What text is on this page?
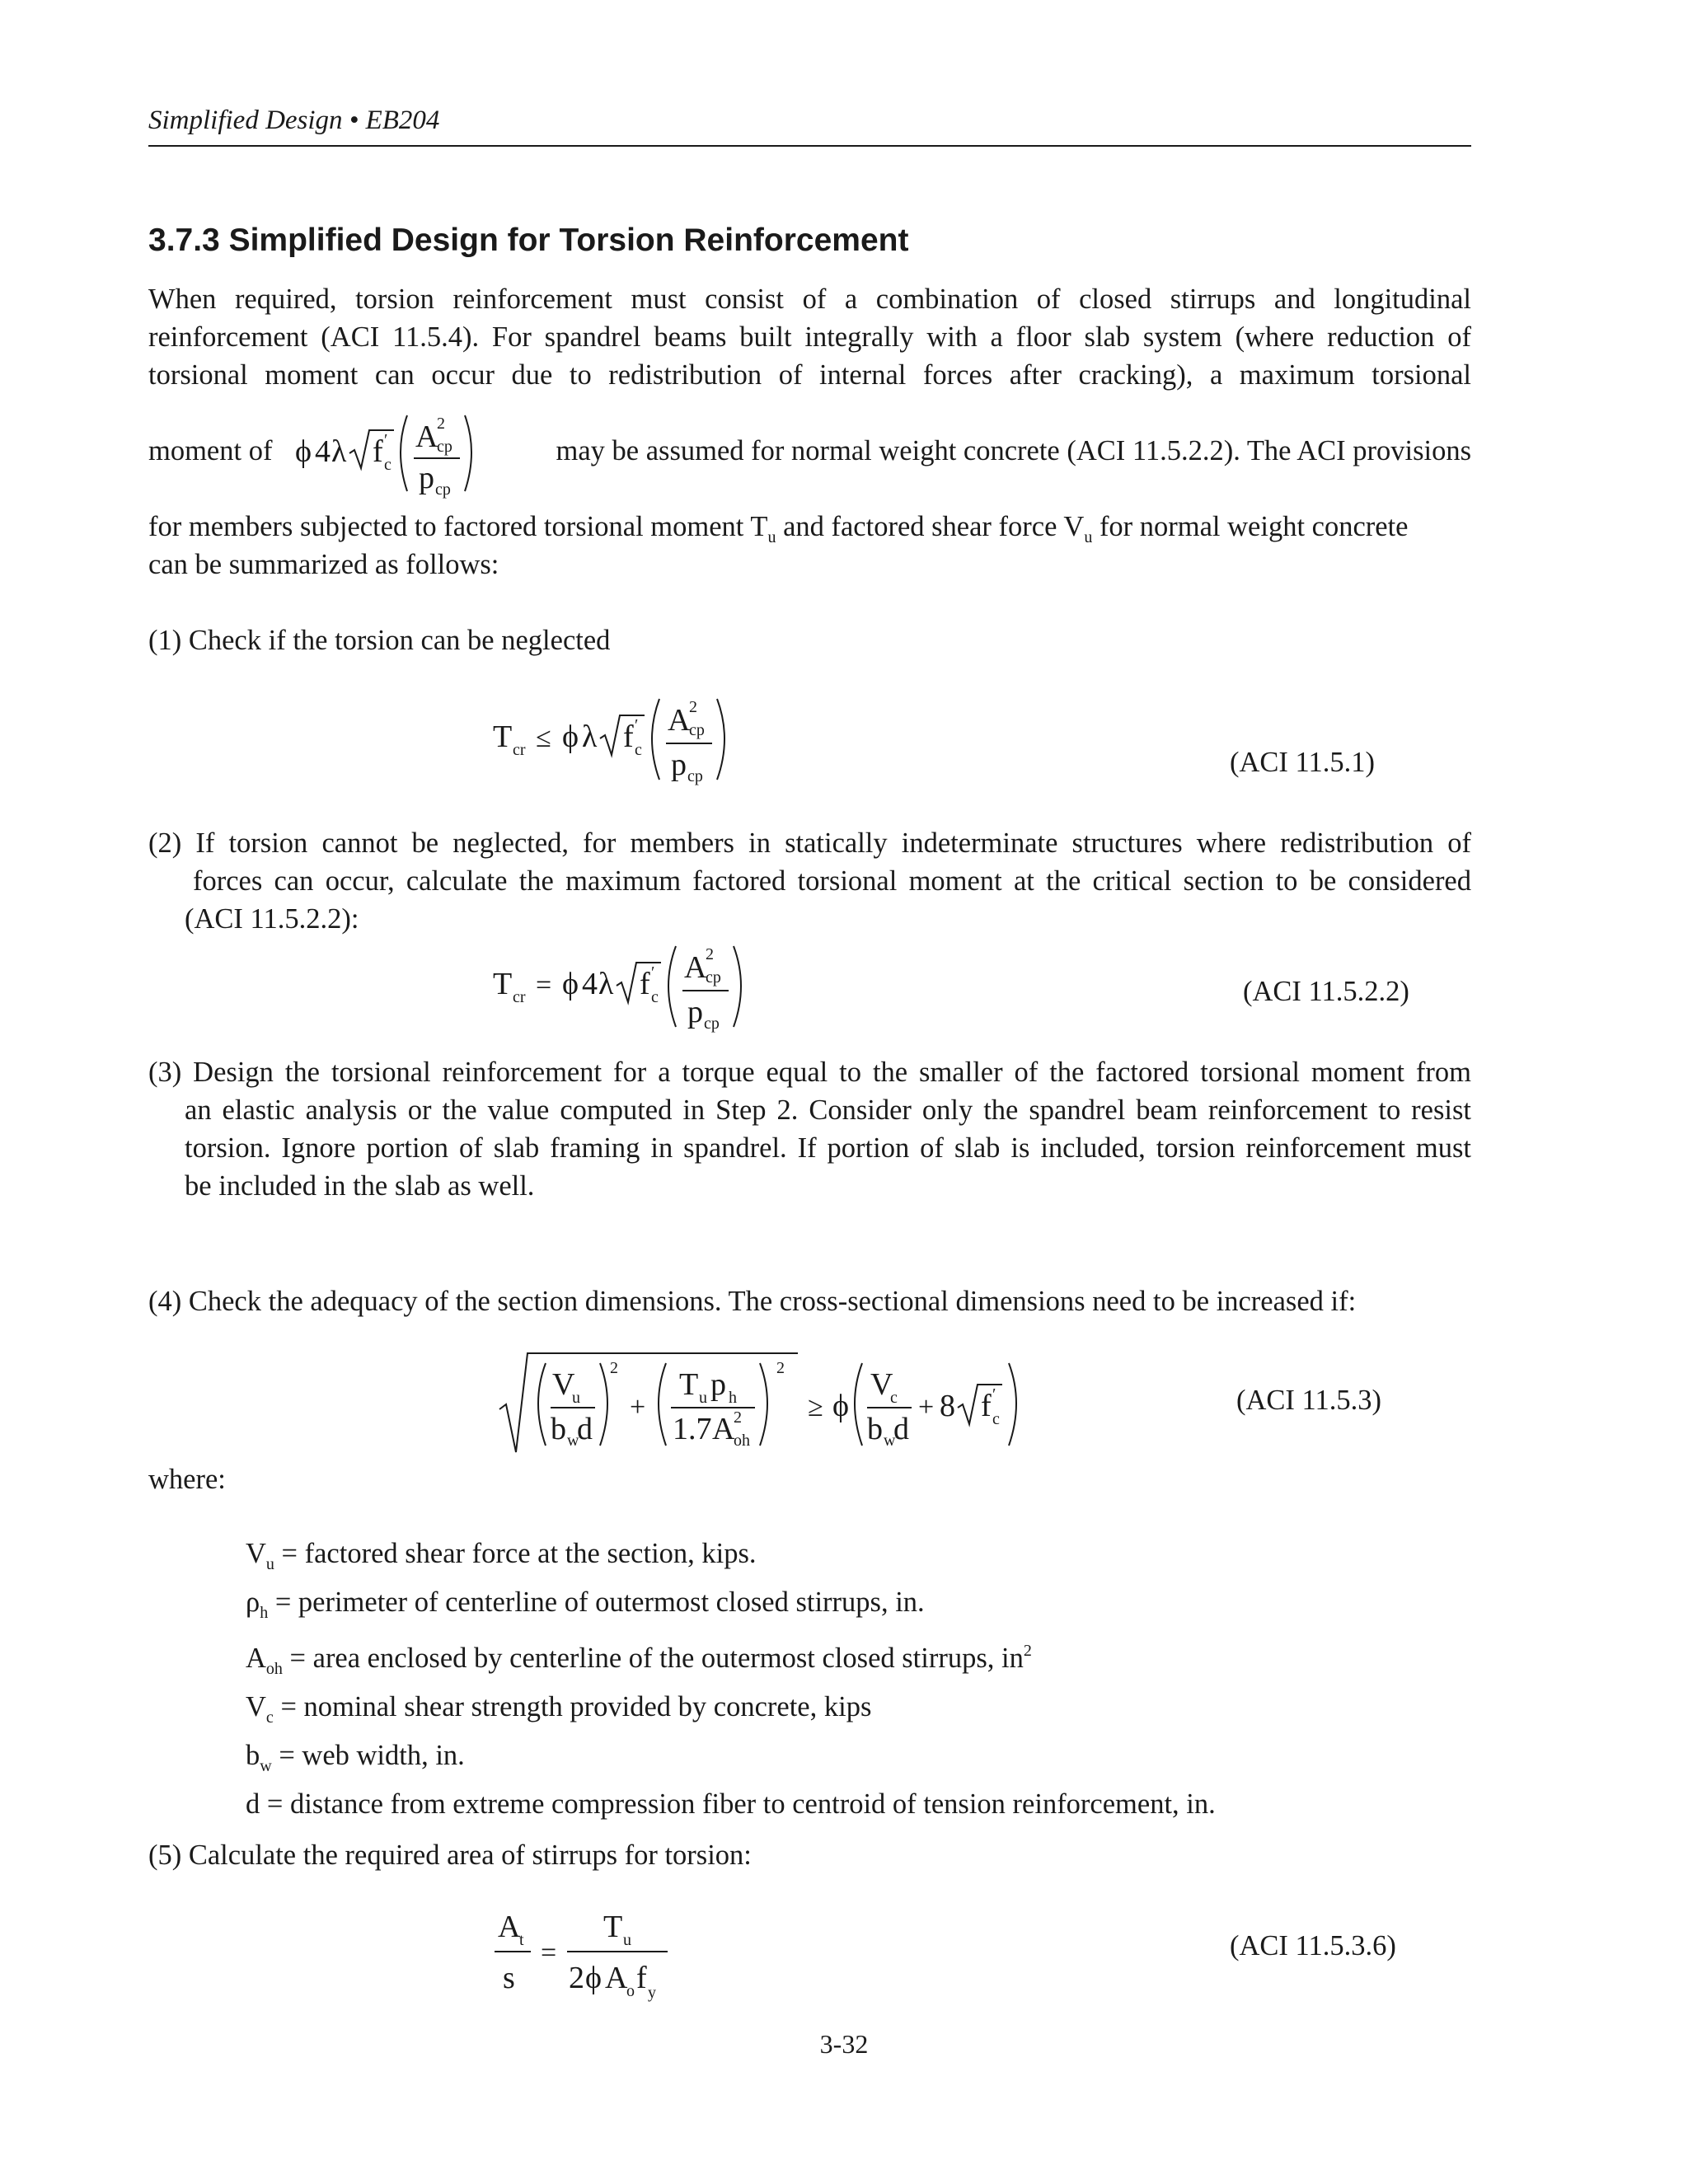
Simplified Design • EB204
3.7.3 Simplified Design for Torsion Reinforcement
When required, torsion reinforcement must consist of a combination of closed stirrups and longitudinal
reinforcement (ACI 11.5.4). For spandrel beams built integrally with a floor slab system (where reduction of
torsional moment can occur due to redistribution of internal forces after cracking), a maximum torsional
moment of ϕ 4 λ f ′
c
A
2
cp
p cp
may be assumed for normal weight concrete (ACI 11.5.2.2). The ACI provisions
for members subjected to factored torsional moment $T_u$ and factored shear force $V_u$ for normal weight concrete
can be summarized as follows:
(1) Check if the torsion can be neglected
T cr ≤ ϕ λ f ′
c
A
2
cp
p cp	(ACI 11.5.1)
(2) If torsion cannot be neglected, for members in statically indeterminate structures where redistribution of
forces can occur, calculate the maximum factored torsional moment at the critical section to be considered
(ACI 11.5.2.2):
T cr = ϕ 4 λ f ′
c
A
2
cp
p cp
(ACI 11.5.2.2)
(3) Design the torsional reinforcement for a torque equal to the smaller of the factored torsional moment from
an elastic analysis or the value computed in Step 2. Consider only the spandrel beam reinforcement to resist
torsion. Ignore portion of slab framing in spandrel. If portion of slab is included, torsion reinforcement must
be included in the slab as well.
(4) Check the adequacy of the section dimensions. The cross-sectional dimensions need to be increased if:
V
u
b w
d
2
+
T u p h
1.7 A
2
oh
2
≥ ϕ
V
c
b w
d
+ 8 f ′
c
(ACI 11.5.3)
where:
$V_u$ = factored shear force at the section, kips.
$\rho_h$ = perimeter of centerline of outermost closed stirrups, in.
$A_{oh}$ = area enclosed by centerline of the outermost closed stirrups, $in^2$
$V_c$ = nominal shear strength provided by concrete, kips
$b_w$ = web width, in.
d = distance from extreme compression fiber to centroid of tension reinforcement, in.
(5) Calculate the required area of stirrups for torsion:
A
t
s
=
T u
2 ϕ A
o f y
(ACI 11.5.3.6)
3-32
